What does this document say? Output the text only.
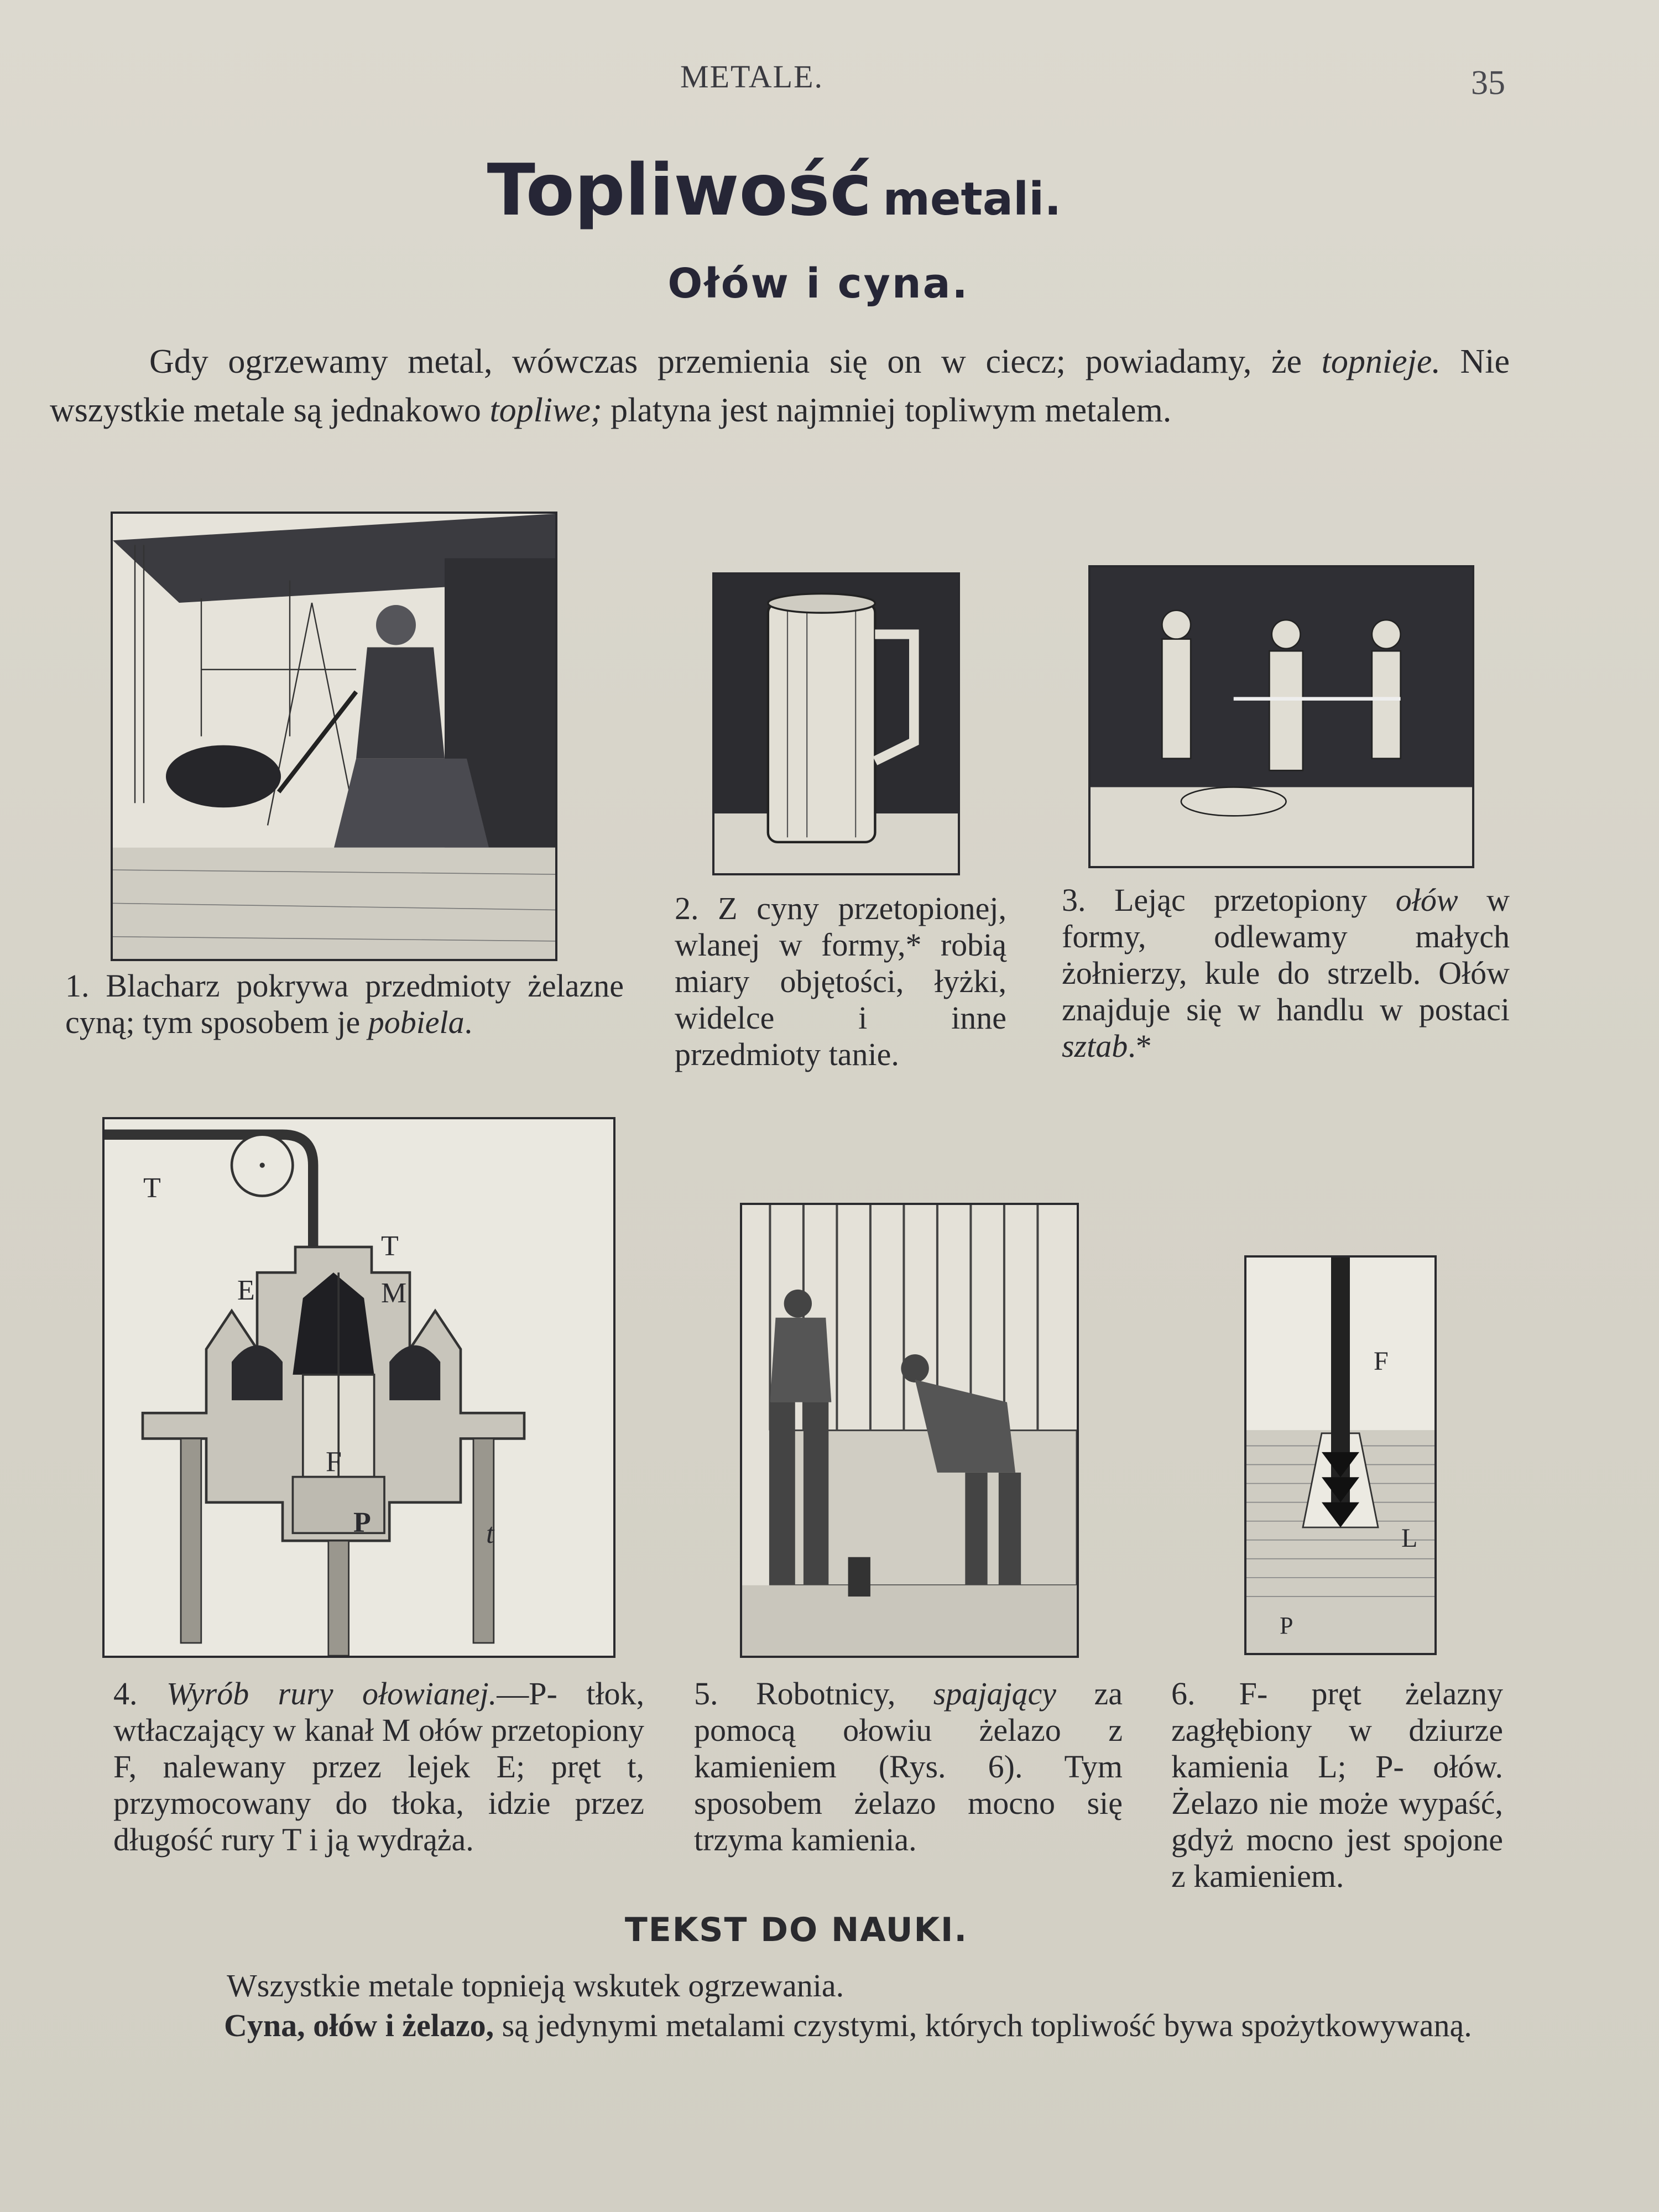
METALE.	35
Topliwość metali.
Ołów i cyna.
Gdy ogrzewamy metal, wówczas przemienia się on w ciecz; powiadamy, że topnieje. Nie wszystkie metale są jednakowo topliwe; platyna jest najmniej topliwym metalem.
1. Blacharz pokrywa przedmioty żelazne cyną; tym sposobem je pobiela.
2. Z cyny przetopionej, wlanej w formy,* robią miary objętości, łyżki, widelce i inne przedmioty tanie.
3. Lejąc przetopiony ołów w formy, odlewamy małych żołnierzy, kule do strzelb. Ołów znajduje się w handlu w postaci sztab.*
T
T
E	M
F
P	t
4. Wyrób rury ołowianej.—P- tłok, wtłaczający w kanał M ołów przetopiony F, nalewany przez lejek E; pręt t, przymocowany do tłoka, idzie przez długość rury T i ją wydrąża.
5. Robotnicy, spajający za pomocą ołowiu żelazo z kamieniem (Rys. 6). Tym sposobem żelazo mocno się trzyma kamienia.
F
L
P
6. F- pręt żelazny zagłębiony w dziurze kamienia L; P- ołów. Żelazo nie może wypaść, gdyż mocno jest spojone z kamieniem.
TEKST DO NAUKI.

Wszystkie metale topnieją wskutek ogrzewania.

Cyna, ołów i żelazo, są jedynymi metalami czystymi, których topliwość bywa spożytkowywaną.
